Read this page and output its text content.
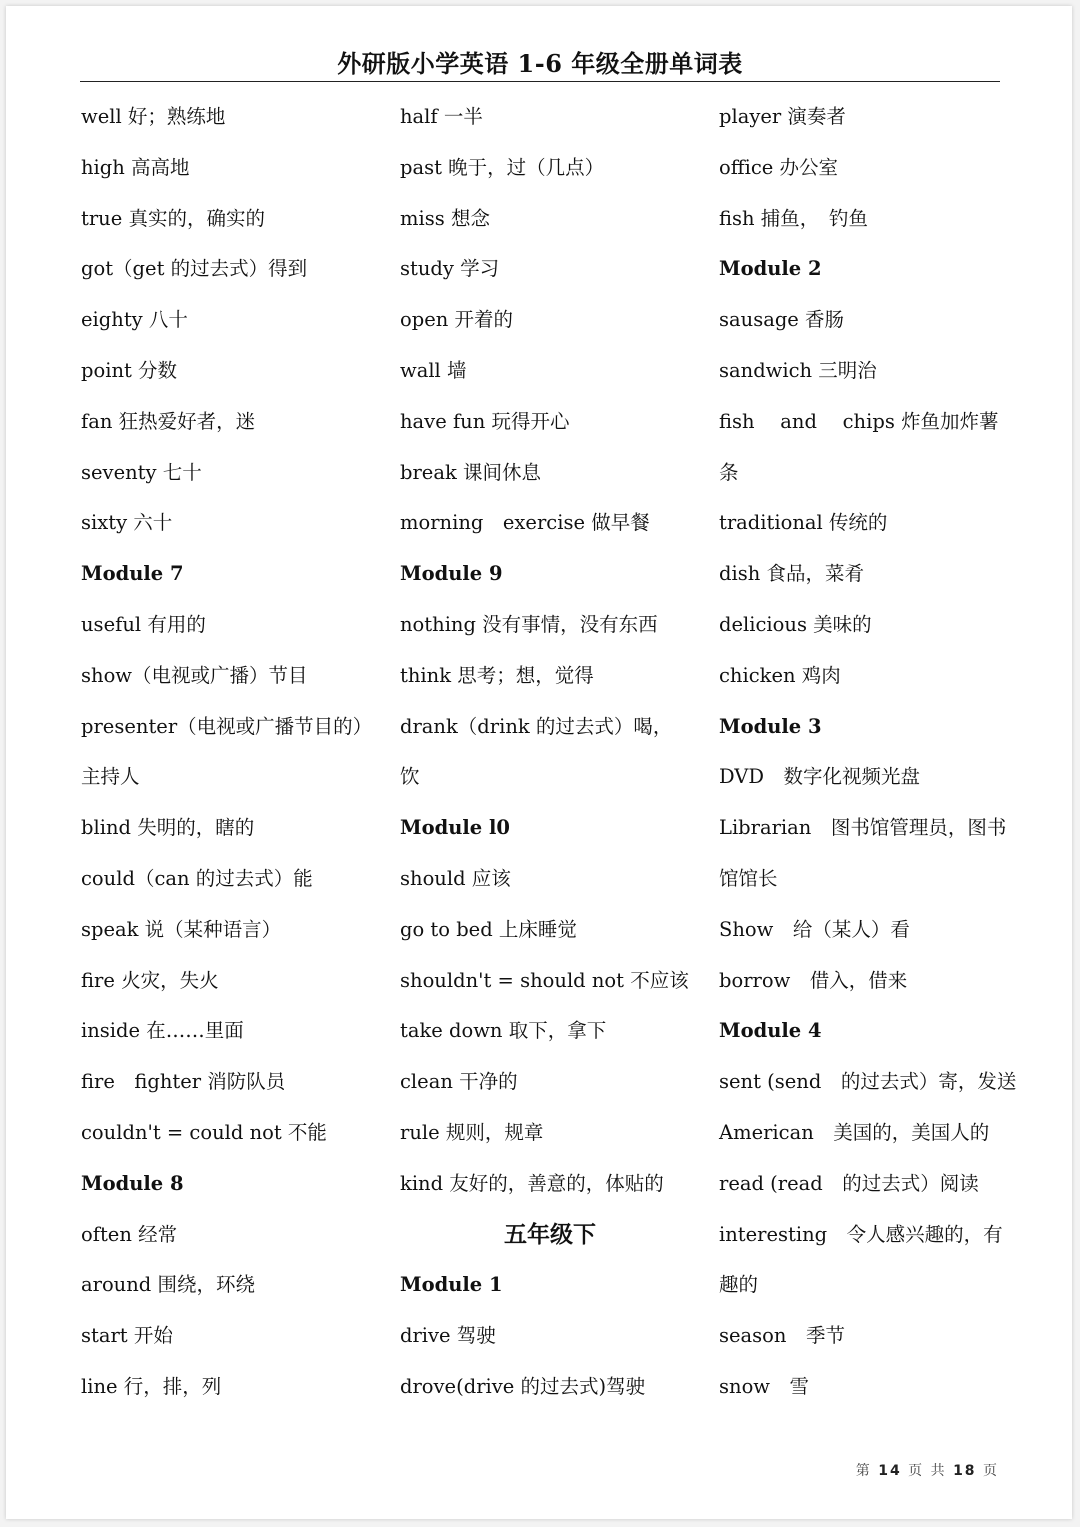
外研版小学英语 1-6 年级全册单词表
well 好；熟练地
high 高高地
true 真实的，确实的
got（get 的过去式）得到
eighty 八十
point 分数
fan 狂热爱好者，迷
seventy 七十
sixty 六十
Module 7
useful 有用的
show（电视或广播）节目
presenter（电视或广播节目的）
主持人
blind 失明的，瞎的
could（can 的过去式）能
speak 说（某种语言）
fire 火灾，失火
inside 在……里面
fire　fighter 消防队员
couldn't = could not 不能
Module 8
often 经常
around 围绕，环绕
start 开始
line 行，排，列
half 一半
past 晚于，过（几点）
miss 想念
study 学习
open 开着的
wall 墙
have fun 玩得开心
break 课间休息
morning　exercise 做早餐
Module 9
nothing 没有事情，没有东西
think 思考；想，觉得
drank（drink 的过去式）喝，
饮
Module l0
should 应该
go to bed 上床睡觉
shouldn't = should not 不应该
take down 取下，拿下
clean 干净的
rule 规则，规章
kind 友好的，善意的，体贴的
五年级下
Module 1
drive 驾驶
drove(drive 的过去式)驾驶
player 演奏者
office 办公室
fish 捕鱼，　钓鱼
Module 2
sausage 香肠
sandwich 三明治
fish　 and　 chips 炸鱼加炸薯
条
traditional 传统的
dish 食品，菜肴
delicious 美味的
chicken 鸡肉
Module 3
DVD　数字化视频光盘
Librarian　图书馆管理员，图书
馆馆长
Show　给（某人）看
borrow　借入，借来
Module 4
sent (send　的过去式）寄，发送
American　美国的，美国人的
read (read　的过去式）阅读
interesting　令人感兴趣的，有
趣的
season　季节
snow　雪
第 14 页 共 18 页
